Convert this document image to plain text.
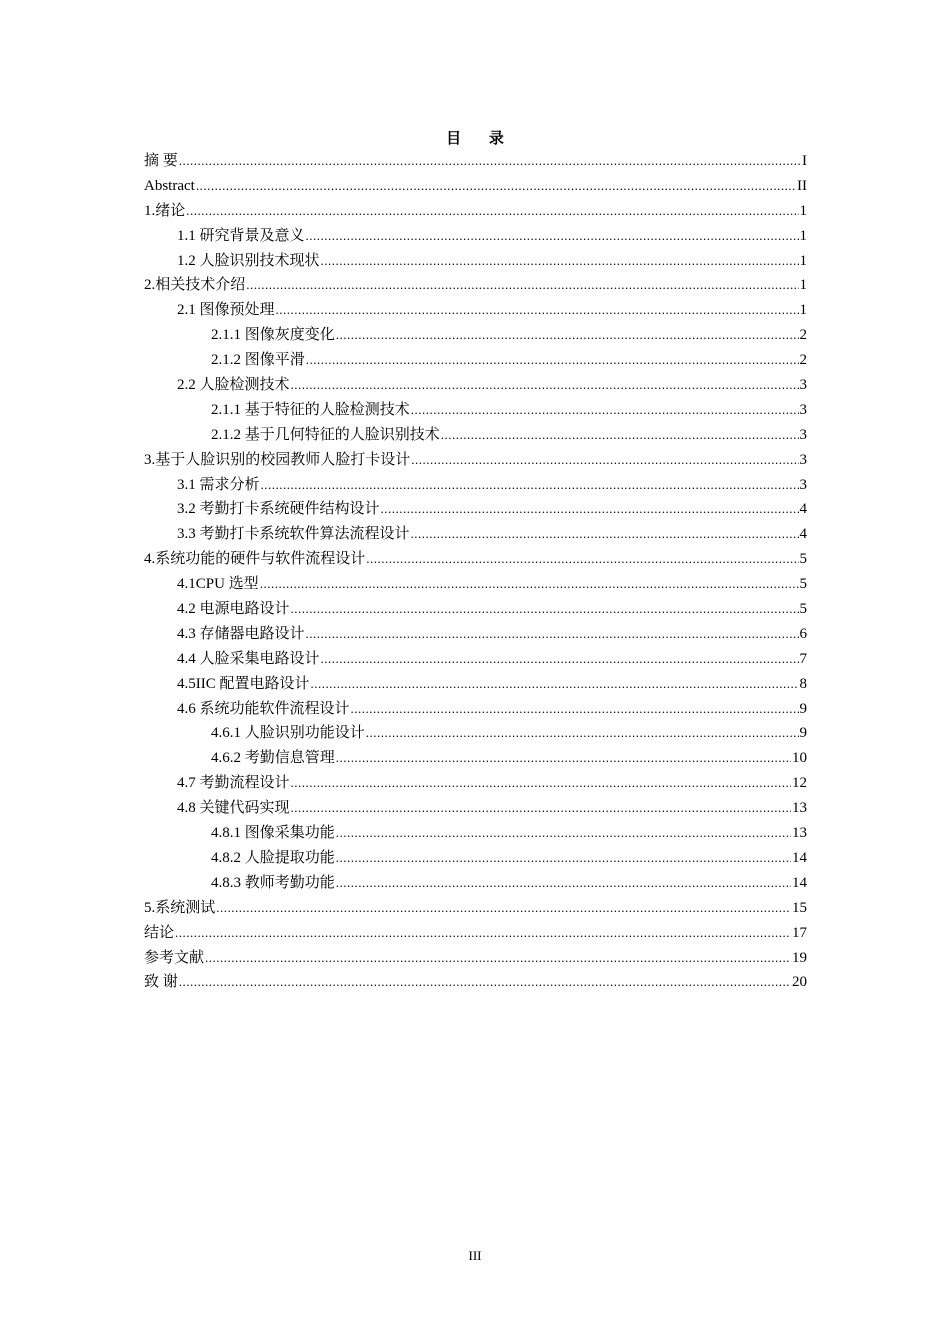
目 录
摘 要 .....	I
Abstract .....	II
1.绪论 .....	1
1.1 研究背景及意义 .....	1
1.2 人脸识别技术现状 .....	1
2.相关技术介绍 .....	1
2.1 图像预处理 .....	1
2.1.1 图像灰度变化 .....	2
2.1.2 图像平滑 .....	2
2.2 人脸检测技术 .....	3
2.1.1 基于特征的人脸检测技术 .....	3
2.1.2 基于几何特征的人脸识别技术 .....	3
3.基于人脸识别的校园教师人脸打卡设计 .....	3
3.1 需求分析 .....	3
3.2 考勤打卡系统硬件结构设计 .....	4
3.3 考勤打卡系统软件算法流程设计 .....	4
4.系统功能的硬件与软件流程设计 .....	5
4.1CPU 选型 .....	5
4.2 电源电路设计 .....	5
4.3 存储器电路设计 .....	6
4.4 人脸采集电路设计 .....	7
4.5IIC 配置电路设计 .....	8
4.6 系统功能软件流程设计 .....	9
4.6.1 人脸识别功能设计 .....	9
4.6.2 考勤信息管理 .....	10
4.7 考勤流程设计 .....	12
4.8 关键代码实现 .....	13
4.8.1 图像采集功能 .....	13
4.8.2 人脸提取功能 .....	14
4.8.3 教师考勤功能 .....	14
5.系统测试 .....	15
结论 .....	17
参考文献 .....	19
致 谢 .....	20
III
